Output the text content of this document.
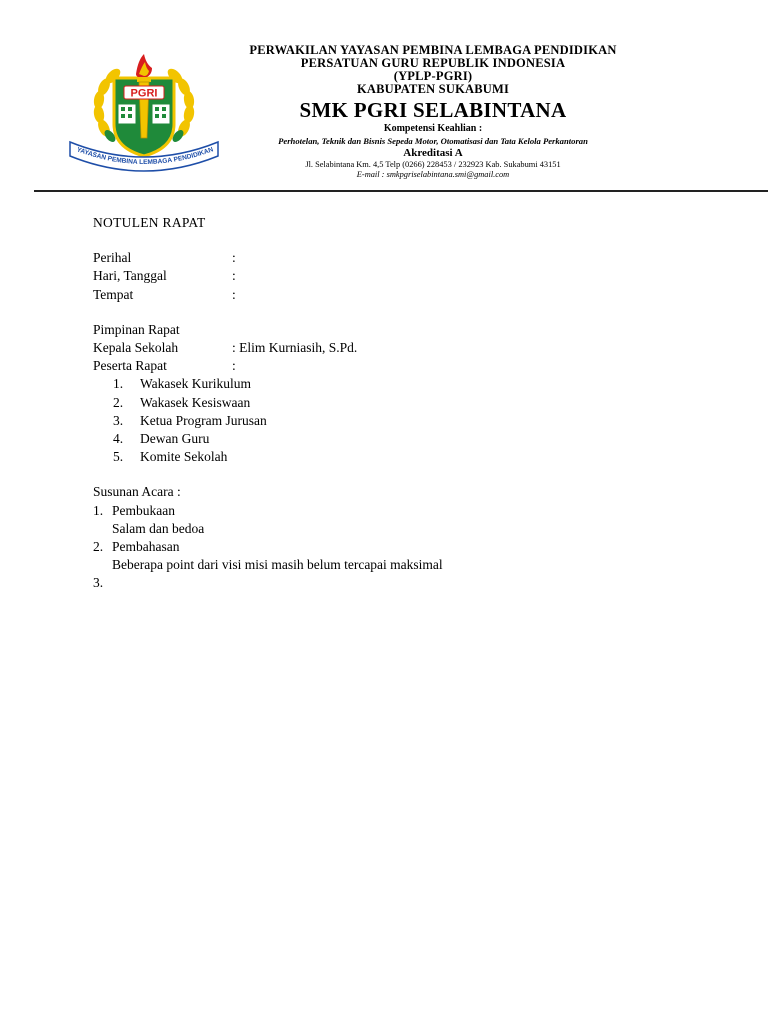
PGRI
YAYASAN PEMBINA LEMBAGA PENDIDIKAN
PERWAKILAN YAYASAN PEMBINA LEMBAGA PENDIDIKAN
PERSATUAN GURU REPUBLIK INDONESIA
(YPLP-PGRI)
KABUPATEN SUKABUMI
SMK PGRI SELABINTANA
Kompetensi Keahlian :
Perhotelan, Teknik dan Bisnis Sepeda Motor, Otomatisasi dan Tata Kelola Perkantoran
Akreditasi A
Jl. Selabintana Km. 4,5 Telp (0266) 228453 / 232923 Kab. Sukabumi 43151
E-mail : smkpgriselabintana.smi@gmail.com
NOTULEN RAPAT
Perihal	:
Hari, Tanggal	:
Tempat	:
Pimpinan Rapat
Kepala Sekolah	: Elim Kurniasih, S.Pd.
Peserta Rapat	:
1.	Wakasek Kurikulum
2.	Wakasek Kesiswaan
3.	Ketua Program Jurusan
4.	Dewan Guru
5.	Komite Sekolah
Susunan Acara :
1. Pembukaan
Salam dan bedoa
2. Pembahasan
Beberapa point dari visi misi masih belum tercapai maksimal
3.
